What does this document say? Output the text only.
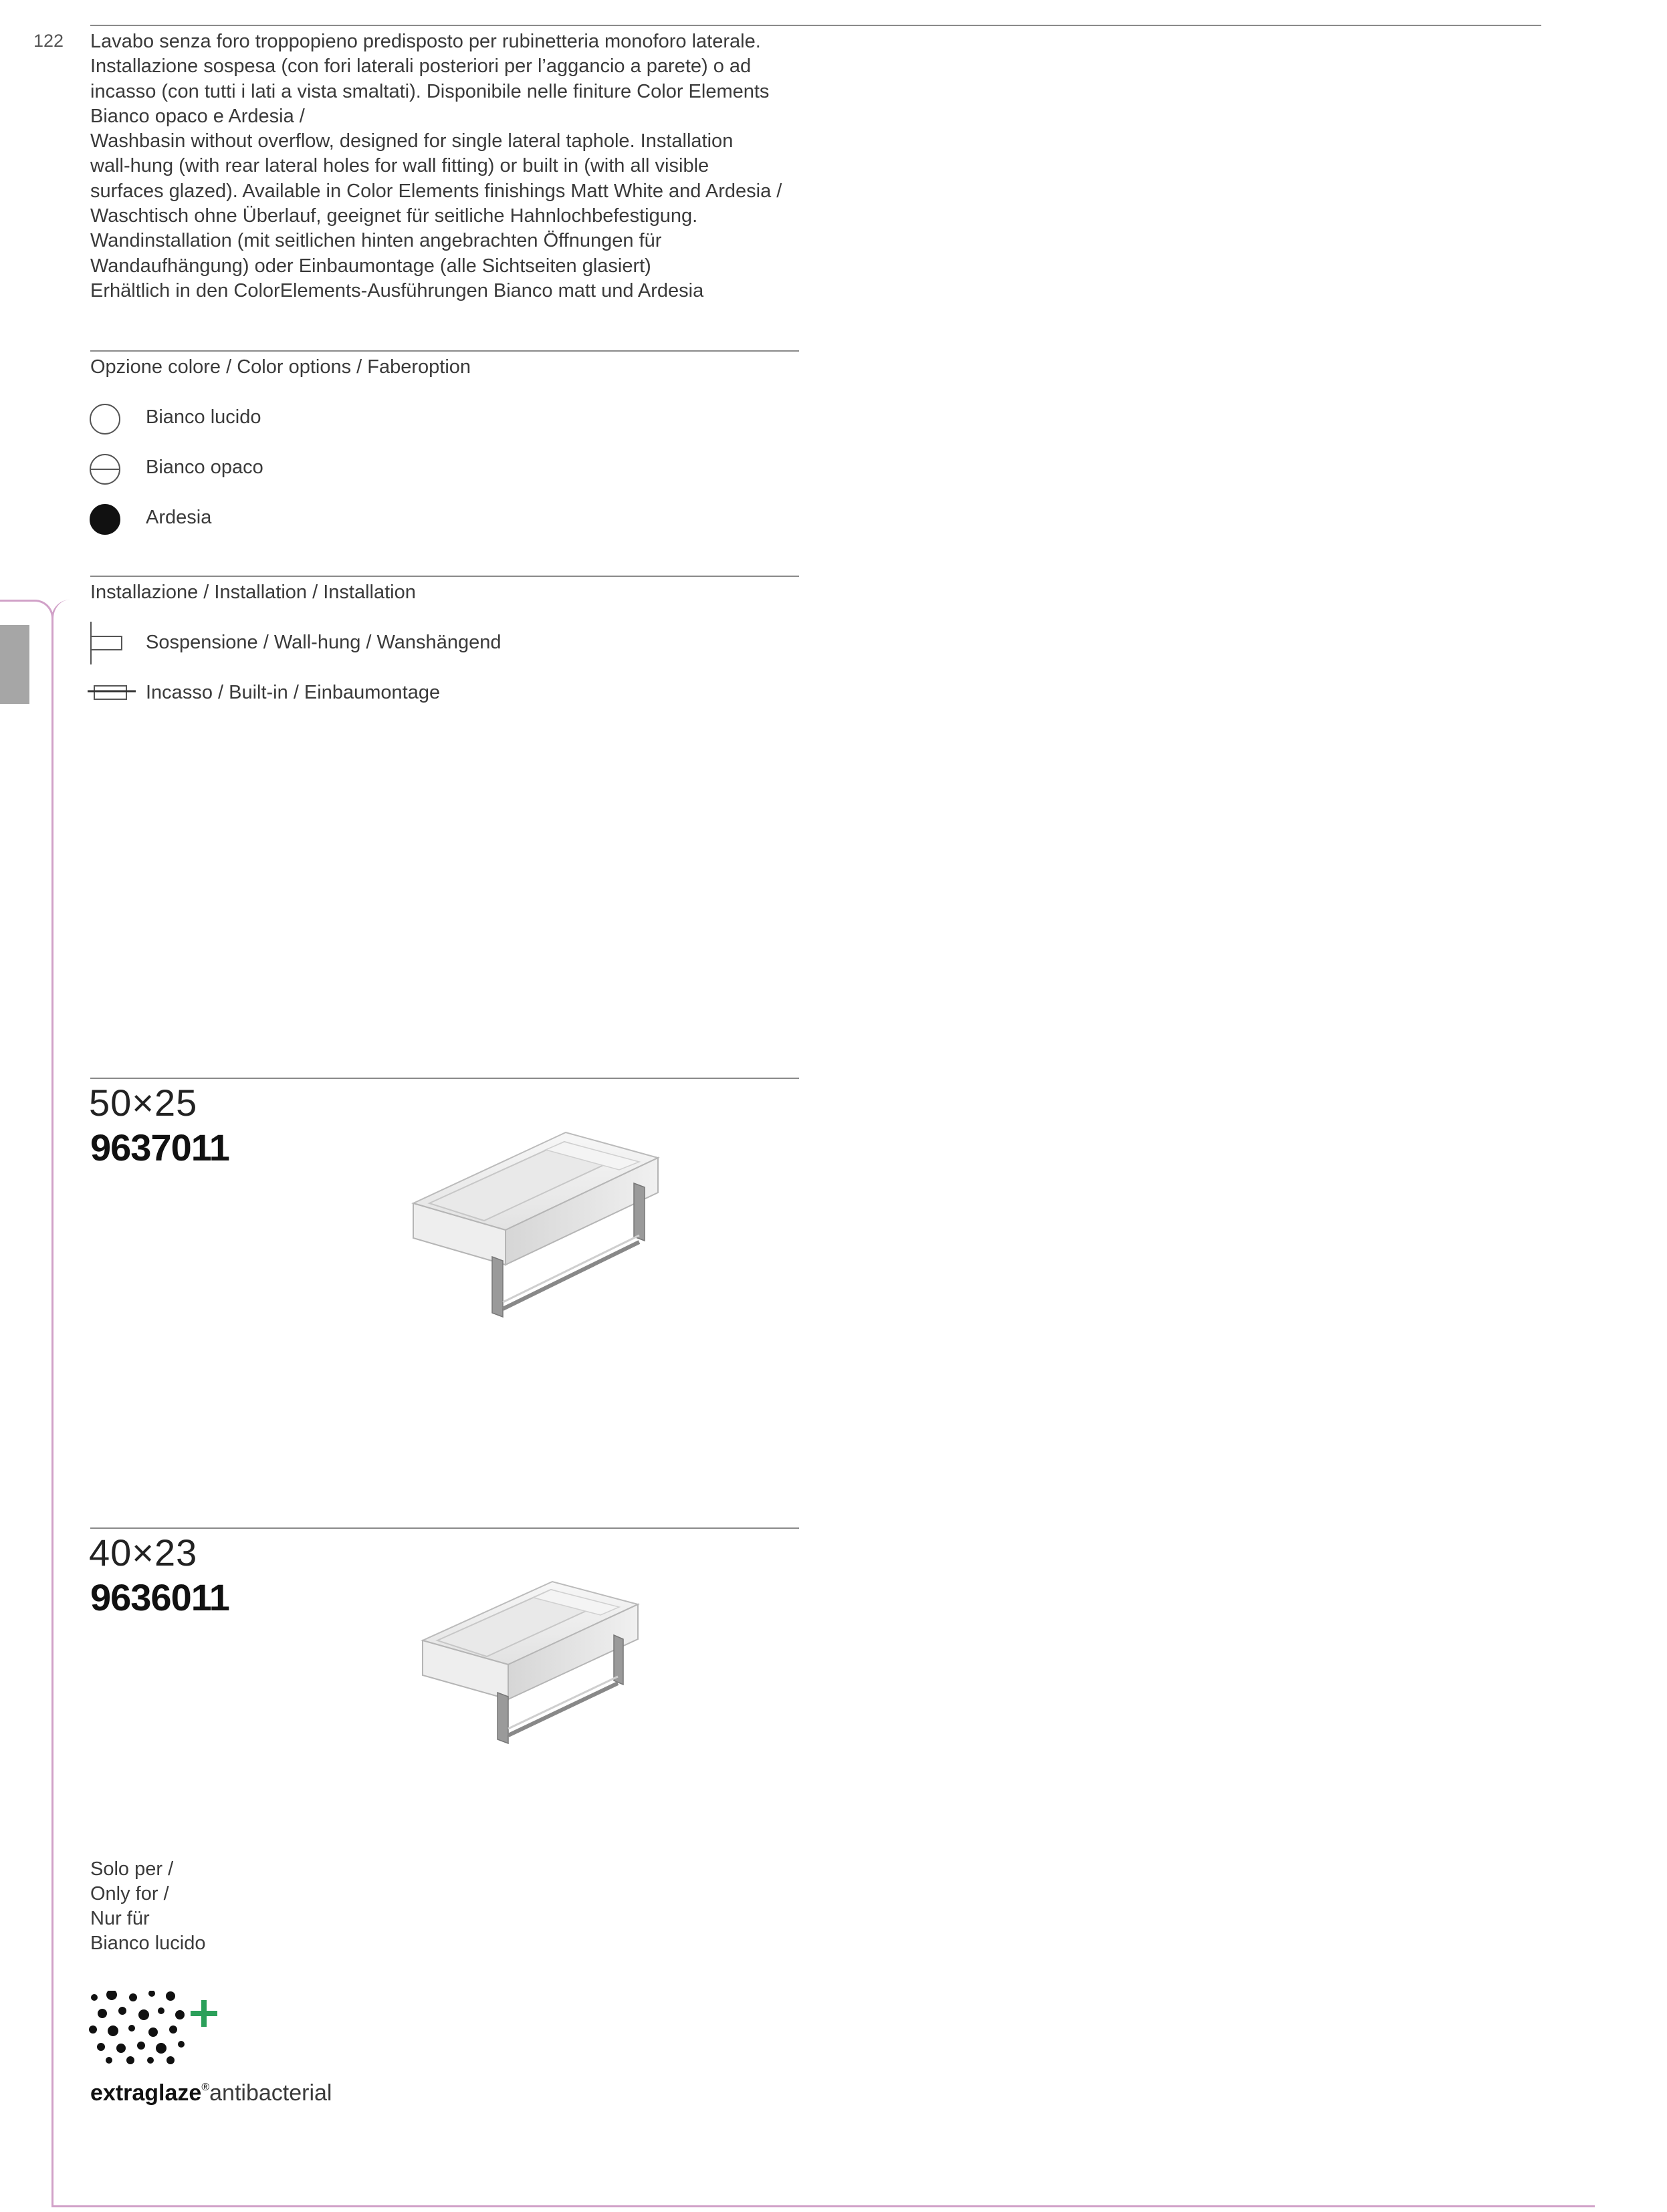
122 Lavabo senza foro troppopieno predisposto per rubinetteria monoforo laterale.

Installazione sospesa (con fori laterali posteriori per l’aggancio a parete) o ad

incasso (con tutti i lati a vista smaltati). Disponibile nelle finiture Color Elements

Bianco opaco e Ardesia /

Washbasin without overflow, designed for single lateral taphole. Installation

wall-hung (with rear lateral holes for wall fitting) or built in (with all visible

surfaces glazed). Available in Color Elements finishings Matt White and Ardesia /

Waschtisch ohne Überlauf, geeignet für seitliche Hahnlochbefestigung.

Wandinstallation (mit seitlichen hinten angebrachten Öffnungen für

Wandaufhängung) oder Einbaumontage (alle Sichtseiten glasiert)

Erhältlich in den ColorElements-Ausführungen Bianco matt und Ardesia

Opzione colore / Color options / Faberoption
Bianco lucido
Bianco opaco
Ardesia
Installazione / Installation / Installation
Sospensione / Wall-hung / Wanshängend
Incasso / Built-in / Einbaumontage
50×25
9637011
40×23
9636011
Solo per /
Only for /
Nur für
Bianco lucido
extraglaze®antibacterial
